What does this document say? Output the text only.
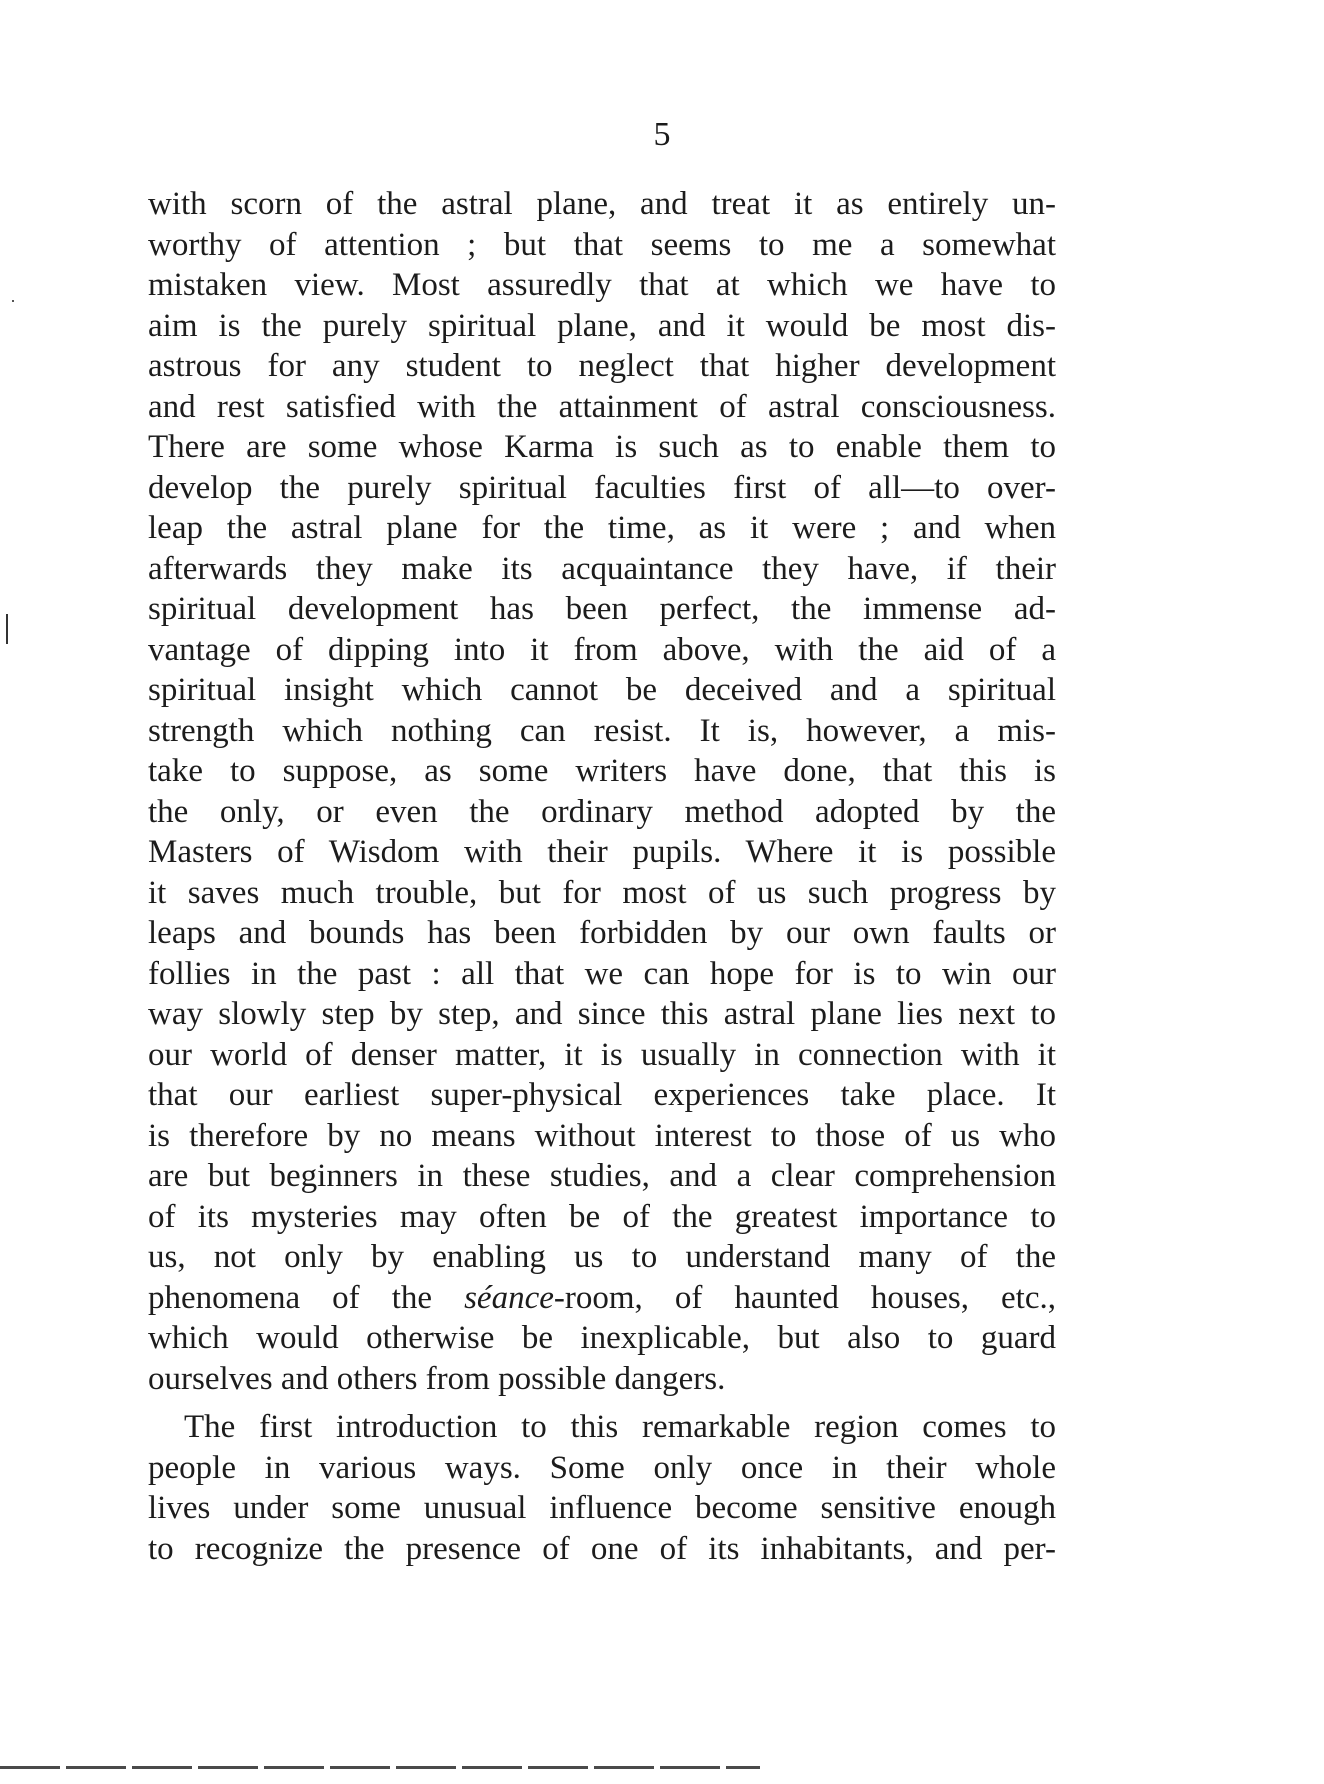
5
with scorn of the astral plane, and treat it as entirely un-
worthy of attention ; but that seems to me a somewhat
mistaken view. Most assuredly that at which we have to
aim is the purely spiritual plane, and it would be most dis-
astrous for any student to neglect that higher development
and rest satisfied with the attainment of astral consciousness.
There are some whose Karma is such as to enable them to
develop the purely spiritual faculties first of all—to over-
leap the astral plane for the time, as it were ; and when
afterwards they make its acquaintance they have, if their
spiritual development has been perfect, the immense ad-
vantage of dipping into it from above, with the aid of a
spiritual insight which cannot be deceived and a spiritual
strength which nothing can resist. It is, however, a mis-
take to suppose, as some writers have done, that this is
the only, or even the ordinary method adopted by the
Masters of Wisdom with their pupils. Where it is possible
it saves much trouble, but for most of us such progress by
leaps and bounds has been forbidden by our own faults or
follies in the past : all that we can hope for is to win our
way slowly step by step, and since this astral plane lies next to
our world of denser matter, it is usually in connection with it
that our earliest super-physical experiences take place. It
is therefore by no means without interest to those of us who
are but beginners in these studies, and a clear comprehension
of its mysteries may often be of the greatest importance to
us, not only by enabling us to understand many of the
phenomena of the séance-room, of haunted houses, etc.,
which would otherwise be inexplicable, but also to guard
ourselves and others from possible dangers.
The first introduction to this remarkable region comes to
people in various ways. Some only once in their whole
lives under some unusual influence become sensitive enough
to recognize the presence of one of its inhabitants, and per-
